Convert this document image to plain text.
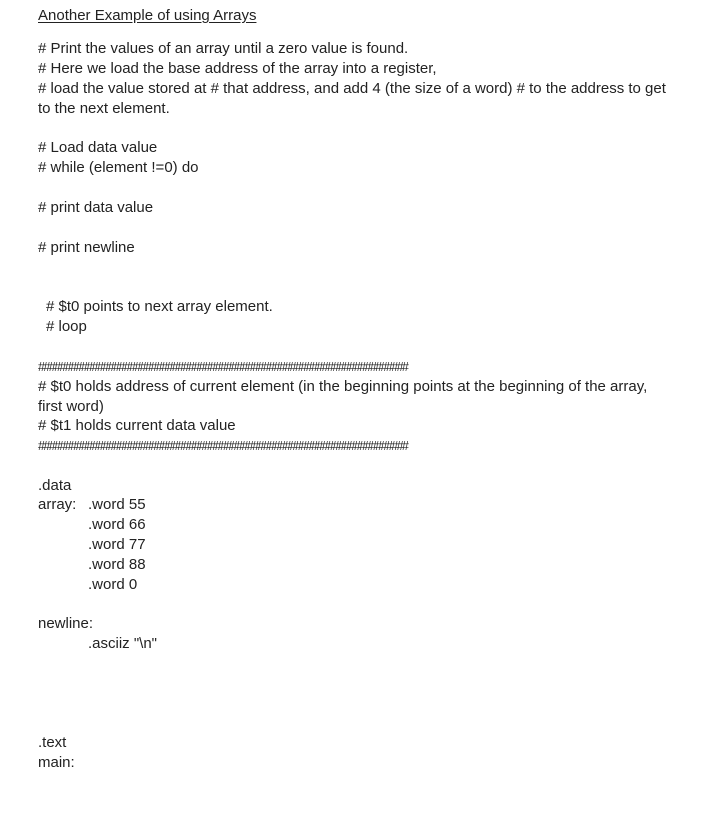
Another Example of using Arrays
# Print the values of an array until a zero value is found.
# Here we load the base address of the array into a register,
# load the value stored at # that address, and add 4 (the size of a word) # to the address to get
to the next element.
# Load data value
# while (element !=0) do
# print data value
# print newline
# $t0 points to next array element.
# loop
#####################################################################
# $t0 holds address of current element (in the beginning points at the beginning of the array,
first word)
# $t1 holds current data value
#####################################################################
.data
array: .word 55
.word 66
.word 77
.word 88
.word 0
newline:
.asciiz "\n"
.text
main:
